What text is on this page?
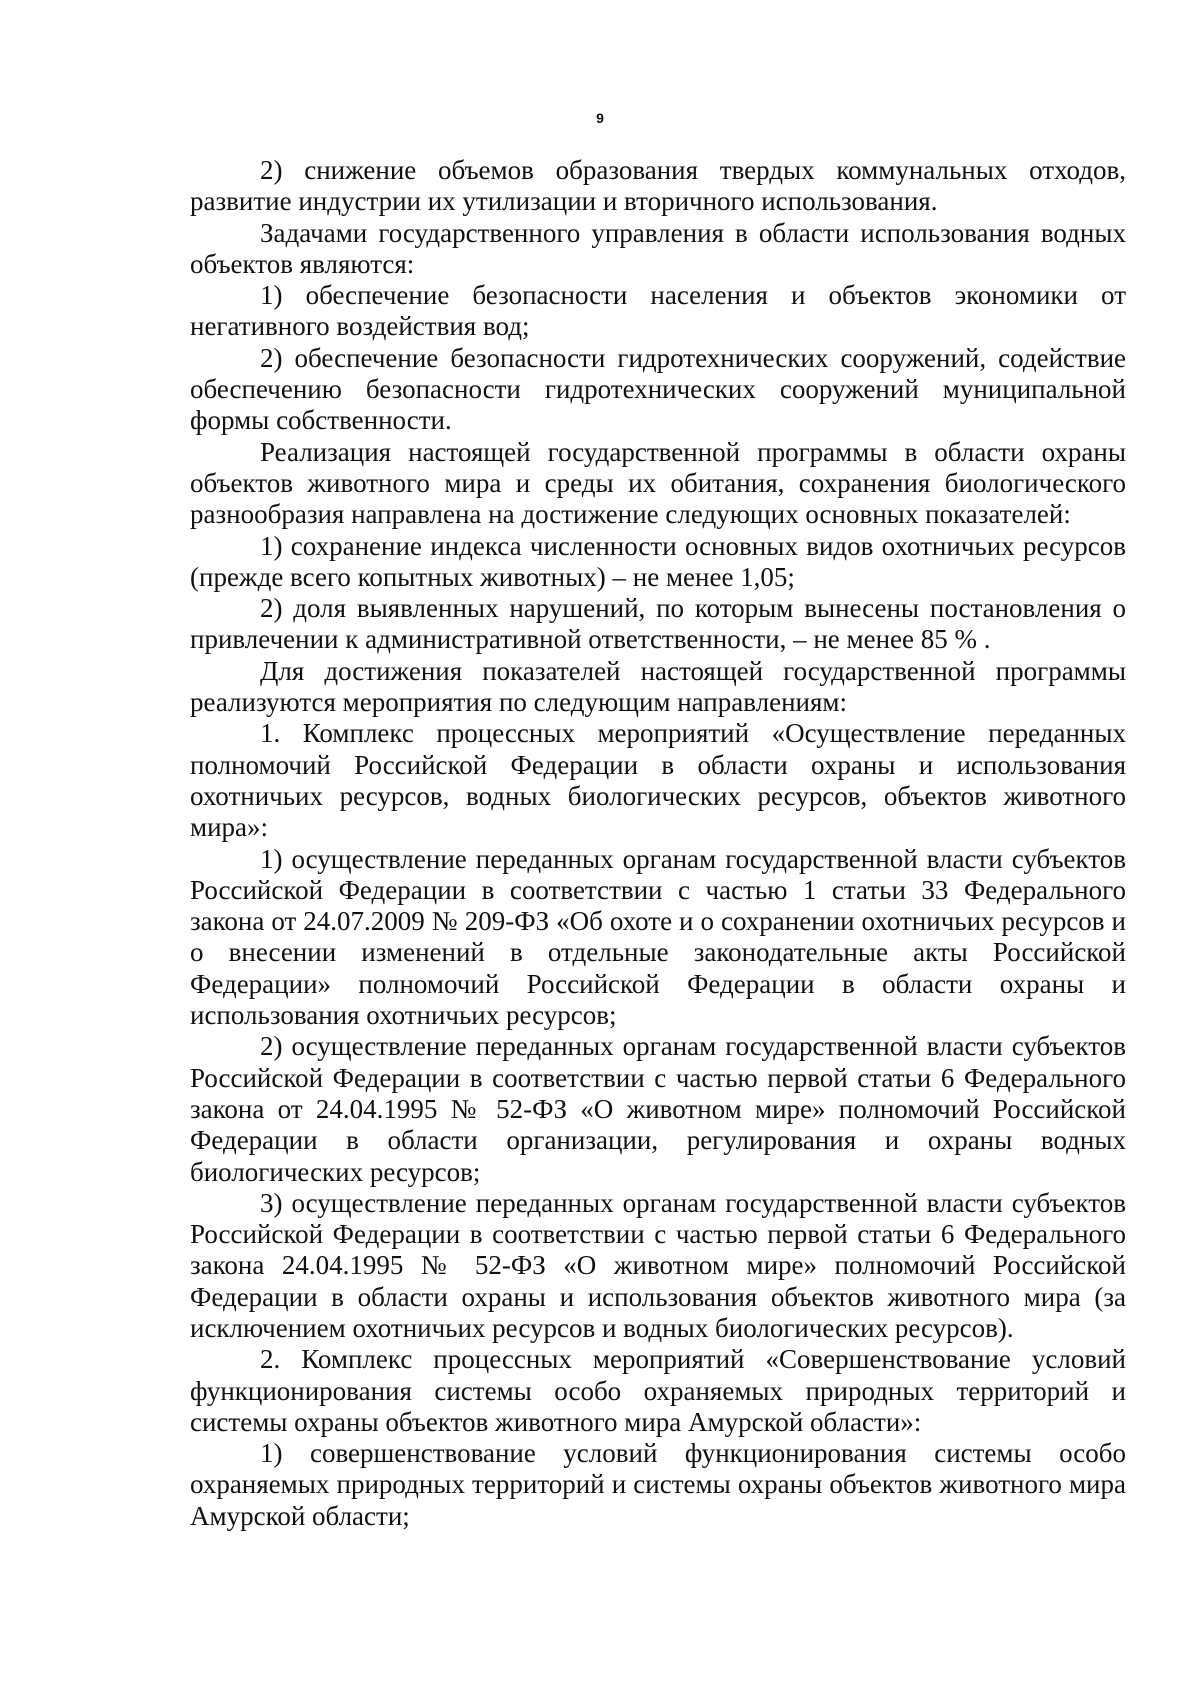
9

2) снижение объемов образования твердых коммунальных отходов, развитие индустрии их утилизации и вторичного использования.

Задачами государственного управления в области использования водных объектов являются:

1) обеспечение безопасности населения и объектов экономики от негативного воздействия вод;

2) обеспечение безопасности гидротехнических сооружений, содействие обеспечению безопасности гидротехнических сооружений муниципальной формы собственности.

Реализация настоящей государственной программы в области охраны объектов животного мира и среды их обитания, сохранения биологического разнообразия направлена на достижение следующих основных показателей:

1) сохранение индекса численности основных видов охотничьих ресурсов (прежде всего копытных животных) – не менее 1,05;

2) доля выявленных нарушений, по которым вынесены постановления о привлечении к административной ответственности, – не менее 85 % .

Для достижения показателей настоящей государственной программы реализуются мероприятия по следующим направлениям:

1. Комплекс процессных мероприятий «Осуществление переданных полномочий Российской Федерации в области охраны и использования охотничьих ресурсов, водных биологических ресурсов, объектов животного мира»:

1) осуществление переданных органам государственной власти субъектов Российской Федерации в соответствии с частью 1 статьи 33 Федерального закона от 24.07.2009 № 209-ФЗ «Об охоте и о сохранении охотничьих ресурсов и о внесении изменений в отдельные законодательные акты Российской Федерации» полномочий Российской Федерации в области охраны и использования охотничьих ресурсов;

2) осуществление переданных органам государственной власти субъектов Российской Федерации в соответствии с частью первой статьи 6 Федерального закона от 24.04.1995 № 52-ФЗ «О животном мире» полномочий Российской Федерации в области организации, регулирования и охраны водных биологических ресурсов;

3) осуществление переданных органам государственной власти субъектов Российской Федерации в соответствии с частью первой статьи 6 Федерального закона 24.04.1995 № 52-ФЗ «О животном мире» полномочий Российской Федерации в области охраны и использования объектов животного мира (за исключением охотничьих ресурсов и водных биологических ресурсов).

2. Комплекс процессных мероприятий «Совершенствование условий функционирования системы особо охраняемых природных территорий и системы охраны объектов животного мира Амурской области»:

1) совершенствование условий функционирования системы особо охраняемых природных территорий и системы охраны объектов животного мира Амурской области;
